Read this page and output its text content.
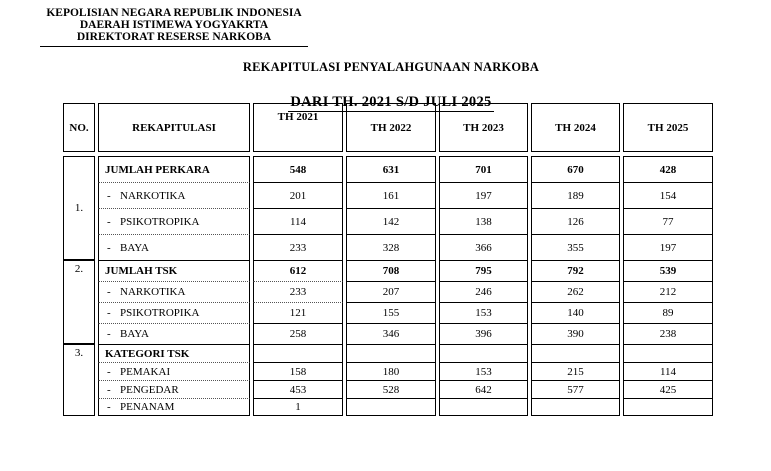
KEPOLISIAN NEGARA REPUBLIK INDONESIA
DAERAH ISTIMEWA YOGYAKRTA
DIREKTORAT RESERSE NARKOBA
REKAPITULASI PENYALAHGUNAAN NARKOBA

DARI TH. 2021 S/D JULI 2025
NO.	REKAPITULASI	TH 2021	TH 2022	TH 2023	TH 2024	TH 2025

1.	JUMLAH PERKARA	548	631	701	670	428
	- NARKOTIKA	201	161	197	189	154
	- PSIKOTROPIKA	114	142	138	126	77
	- BAYA	233	328	366	355	197
2.	JUMLAH TSK	612	708	795	792	539
	- NARKOTIKA	233	207	246	262	212
	- PSIKOTROPIKA	121	155	153	140	89
	- BAYA	258	346	396	390	238
3.	KATEGORI TSK					
	- PEMAKAI	158	180	153	215	114
	- PENGEDAR	453	528	642	577	425
	- PENANAM	1				
